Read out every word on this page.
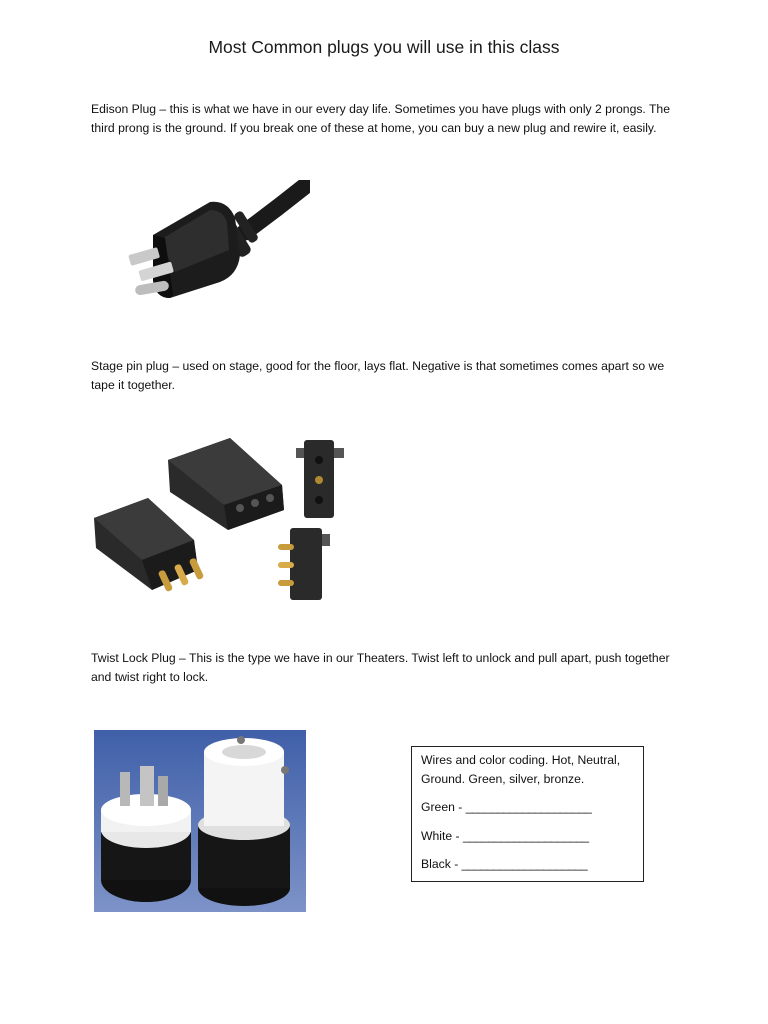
Most Common plugs you will use in this class
Edison Plug – this is what we have in our every day life. Sometimes you have plugs with only 2 prongs. The third prong is the ground. If you break one of these at home, you can buy a new plug and rewire it, easily.
Stage pin plug – used on stage, good for the floor, lays flat. Negative is that sometimes comes apart so we tape it together.
Twist Lock Plug – This is the type we have in our Theaters. Twist left to unlock and pull apart, push together and twist right to lock.
Wires and color coding. Hot, Neutral, Ground. Green, silver, bronze.
Green - ____________________
White - ____________________
Black - ____________________
